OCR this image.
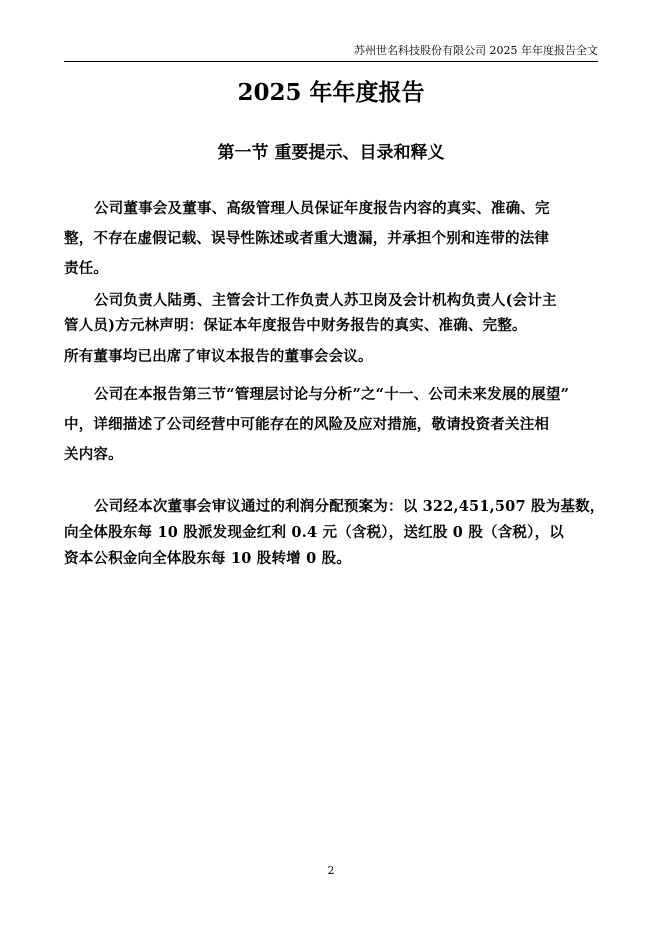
苏州世名科技股份有限公司 2025 年年度报告全文
2025 年年度报告
第一节 重要提示、目录和释义

公司董事会及董事、高级管理人员保证年度报告内容的真实、准确、完
整，不存在虚假记载、误导性陈述或者重大遗漏，并承担个别和连带的法律
责任。

公司负责人陆勇、主管会计工作负责人苏卫岗及会计机构负责人(会计主
管人员)方元林声明：保证本年度报告中财务报告的真实、准确、完整。

所有董事均已出席了审议本报告的董事会会议。

公司在本报告第三节“管理层讨论与分析”之“十一、公司未来发展的展望”
中，详细描述了公司经营中可能存在的风险及应对措施，敬请投资者关注相
关内容。

公司经本次董事会审议通过的利润分配预案为：以 322,451,507 股为基数，
向全体股东每 10 股派发现金红利 0.4 元（含税），送红股 0 股（含税），以
资本公积金向全体股东每 10 股转增 0 股。

2
